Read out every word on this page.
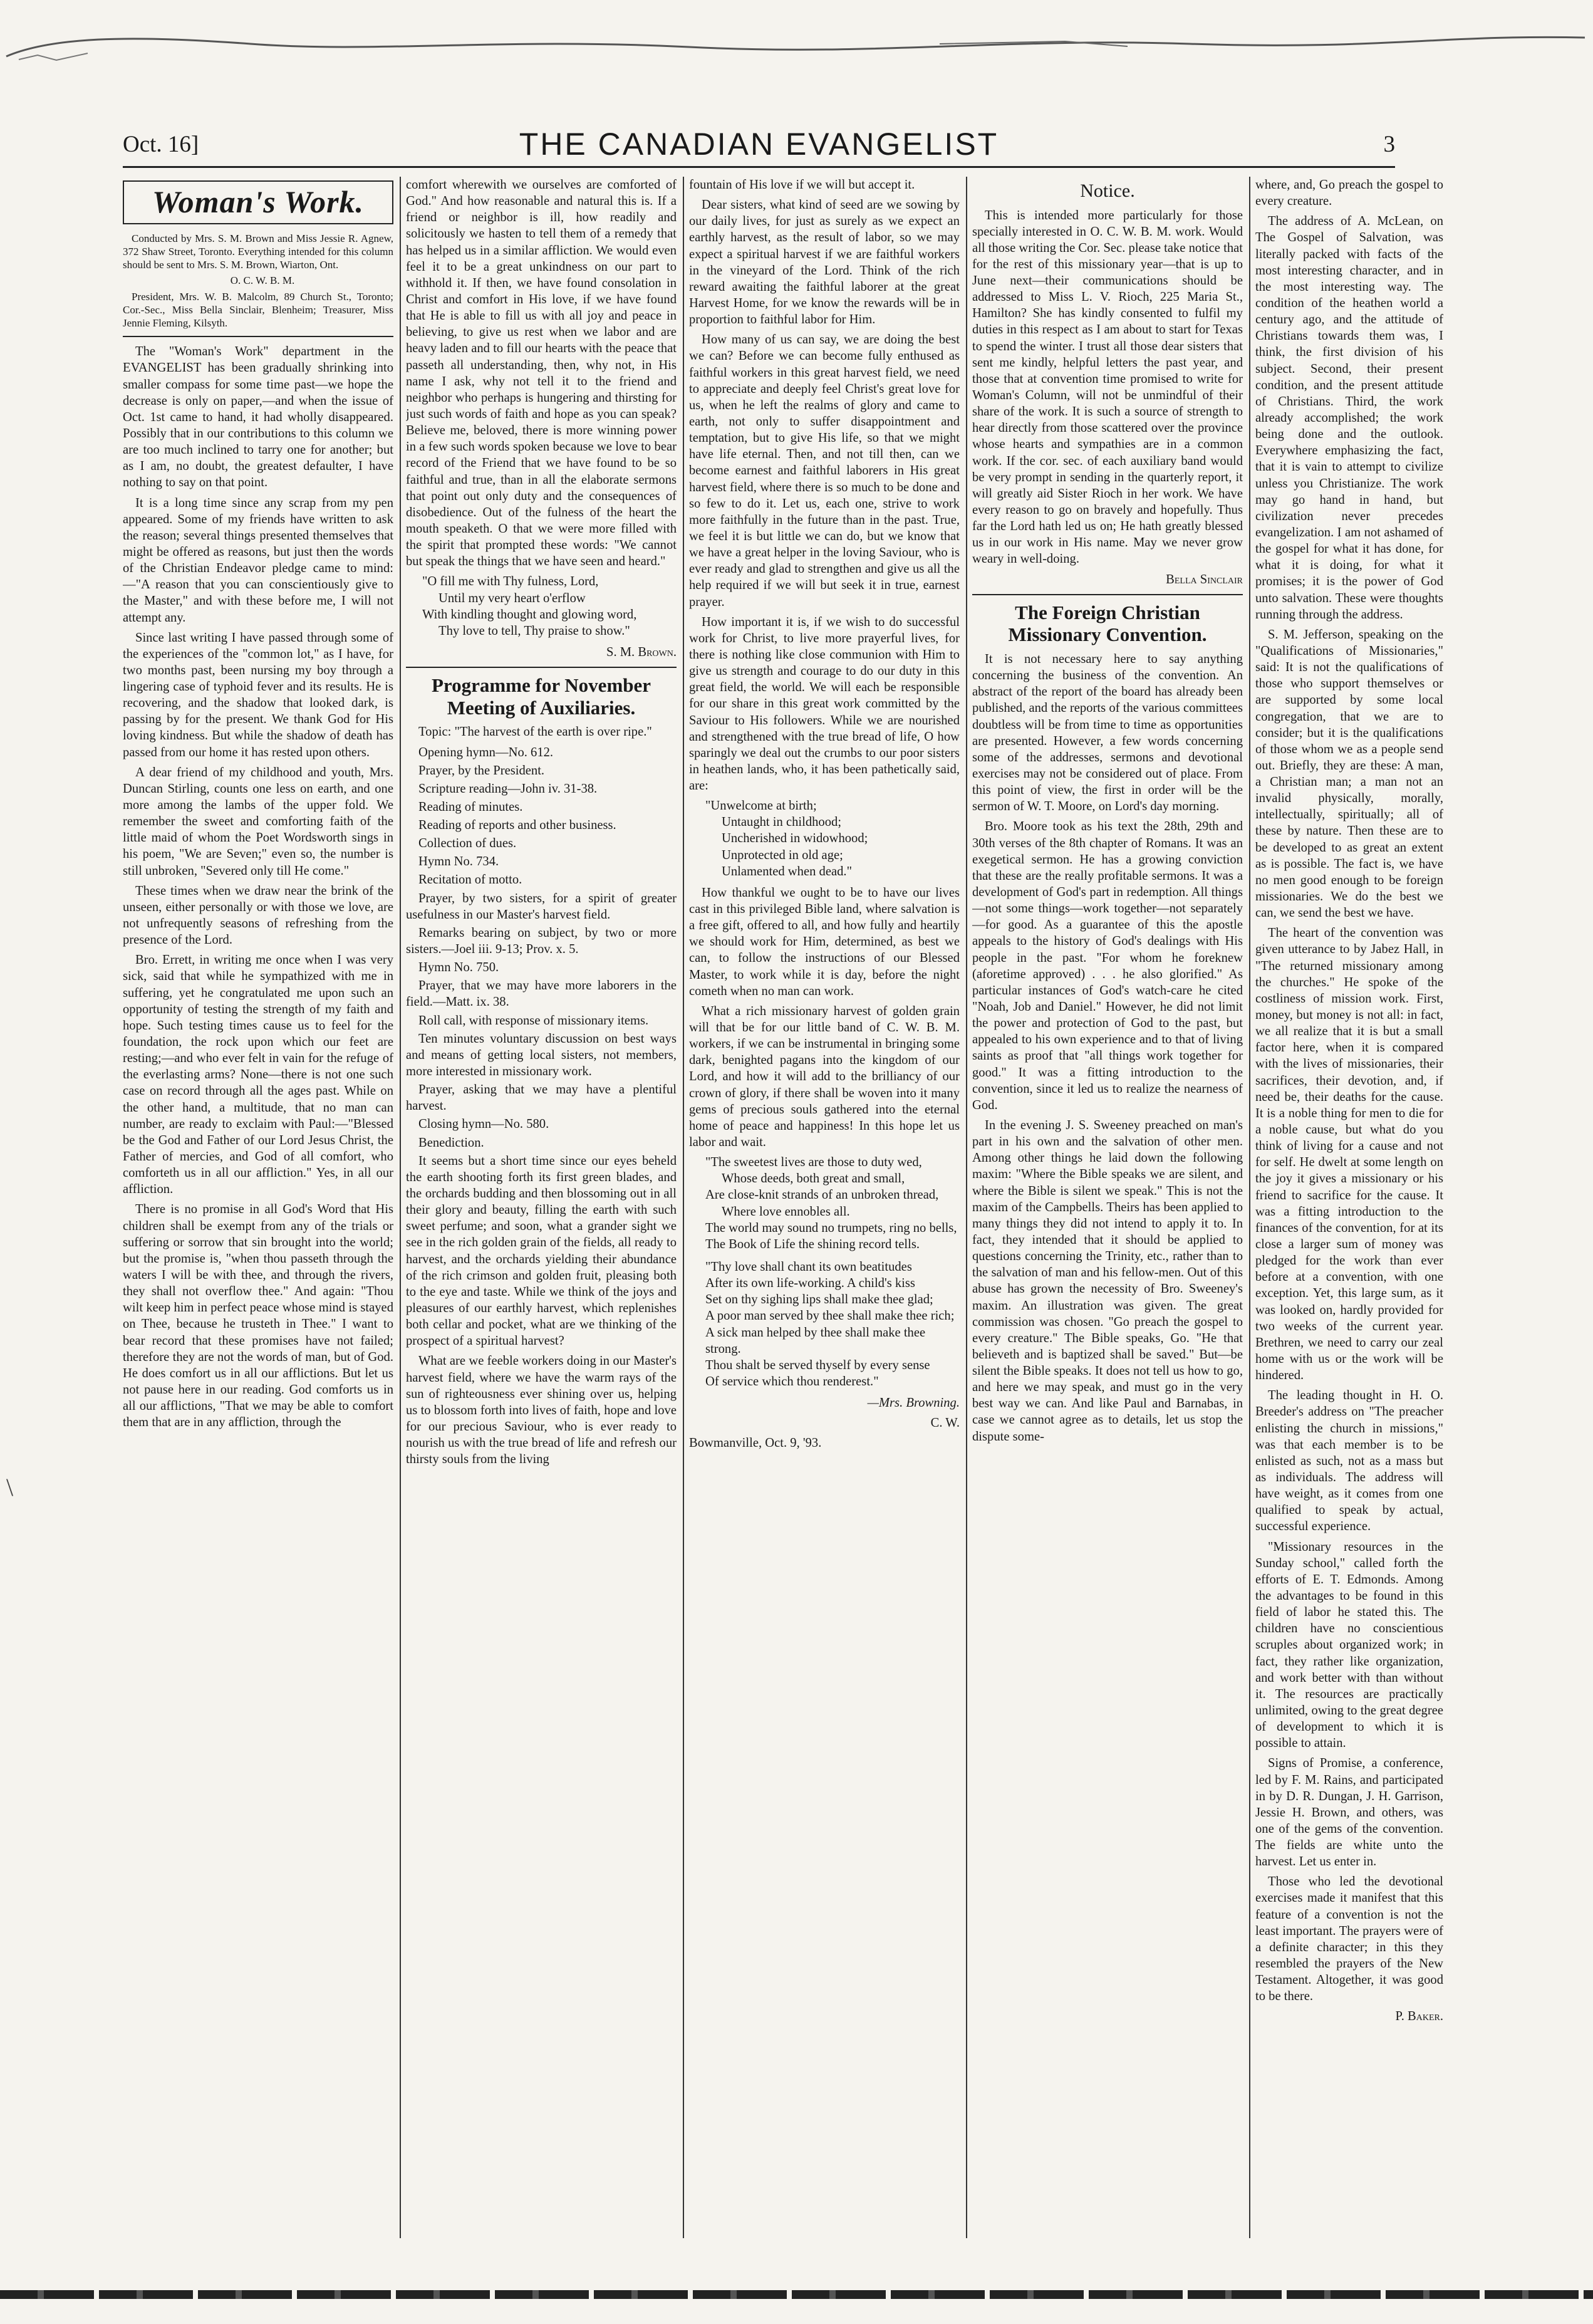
Oct. 16]	THE CANADIAN EVANGELIST	3
Woman's Work.

Conducted by Mrs. S. M. Brown and Miss Jessie R. Agnew, 372 Shaw Street, Toronto. Everything intended for this column should be sent to Mrs. S. M. Brown, Wiarton, Ont.

O. C. W. B. M.

President, Mrs. W. B. Malcolm, 89 Church St., Toronto; Cor.-Sec., Miss Bella Sinclair, Blenheim; Treasurer, Miss Jennie Fleming, Kilsyth.

The "Woman's Work" department in the EVANGELIST has been gradually shrinking into smaller compass for some time past—we hope the decrease is only on paper,—and when the issue of Oct. 1st came to hand, it had wholly disappeared. Possibly that in our contributions to this column we are too much inclined to tarry one for another; but as I am, no doubt, the greatest defaulter, I have nothing to say on that point.

It is a long time since any scrap from my pen appeared. Some of my friends have written to ask the reason; several things presented themselves that might be offered as reasons, but just then the words of the Christian Endeavor pledge came to mind:—"A reason that you can conscientiously give to the Master," and with these before me, I will not attempt any.

Since last writing I have passed through some of the experiences of the "common lot," as I have, for two months past, been nursing my boy through a lingering case of typhoid fever and its results. He is recovering, and the shadow that looked dark, is passing by for the present. We thank God for His loving kindness. But while the shadow of death has passed from our home it has rested upon others.

A dear friend of my childhood and youth, Mrs. Duncan Stirling, counts one less on earth, and one more among the lambs of the upper fold. We remember the sweet and comforting faith of the little maid of whom the Poet Wordsworth sings in his poem, "We are Seven;" even so, the number is still unbroken, "Severed only till He come."

These times when we draw near the brink of the unseen, either personally or with those we love, are not unfrequently seasons of refreshing from the presence of the Lord.

Bro. Errett, in writing me once when I was very sick, said that while he sympathized with me in suffering, yet he congratulated me upon such an opportunity of testing the strength of my faith and hope. Such testing times cause us to feel for the foundation, the rock upon which our feet are resting;—and who ever felt in vain for the refuge of the everlasting arms? None—there is not one such case on record through all the ages past. While on the other hand, a multitude, that no man can number, are ready to exclaim with Paul:—"Blessed be the God and Father of our Lord Jesus Christ, the Father of mercies, and God of all comfort, who comforteth us in all our affliction." Yes, in all our affliction.

There is no promise in all God's Word that His children shall be exempt from any of the trials or suffering or sorrow that sin brought into the world; but the promise is, "when thou passeth through the waters I will be with thee, and through the rivers, they shall not overflow thee." And again: "Thou wilt keep him in perfect peace whose mind is stayed on Thee, because he trusteth in Thee." I want to bear record that these promises have not failed; therefore they are not the words of man, but of God. He does comfort us in all our afflictions. But let us not pause here in our reading. God comforts us in all our afflictions, "That we may be able to comfort them that are in any affliction, through the

comfort wherewith we ourselves are comforted of God." And how reasonable and natural this is. If a friend or neighbor is ill, how readily and solicitously we hasten to tell them of a remedy that has helped us in a similar affliction. We would even feel it to be a great unkindness on our part to withhold it. If then, we have found consolation in Christ and comfort in His love, if we have found that He is able to fill us with all joy and peace in believing, to give us rest when we labor and are heavy laden and to fill our hearts with the peace that passeth all understanding, then, why not, in His name I ask, why not tell it to the friend and neighbor who perhaps is hungering and thirsting for just such words of faith and hope as you can speak? Believe me, beloved, there is more winning power in a few such words spoken because we love to bear record of the Friend that we have found to be so faithful and true, than in all the elaborate sermons that point out only duty and the consequences of disobedience. Out of the fulness of the heart the mouth speaketh. O that we were more filled with the spirit that prompted these words: "We cannot but speak the things that we have seen and heard."

"O fill me with Thy fulness, Lord,
Until my very heart o'erflow
With kindling thought and glowing word,
Thy love to tell, Thy praise to show."

S. M. Brown.

Programme for November Meeting of Auxiliaries.

Topic: "The harvest of the earth is over ripe."

Opening hymn—No. 612.

Prayer, by the President.

Scripture reading—John iv. 31-38.

Reading of minutes.

Reading of reports and other business.

Collection of dues.

Hymn No. 734.

Recitation of motto.

Prayer, by two sisters, for a spirit of greater usefulness in our Master's harvest field.

Remarks bearing on subject, by two or more sisters.—Joel iii. 9-13; Prov. x. 5.

Hymn No. 750.

Prayer, that we may have more laborers in the field.—Matt. ix. 38.

Roll call, with response of missionary items.

Ten minutes voluntary discussion on best ways and means of getting local sisters, not members, more interested in missionary work.

Prayer, asking that we may have a plentiful harvest.

Closing hymn—No. 580.

Benediction.

It seems but a short time since our eyes beheld the earth shooting forth its first green blades, and the orchards budding and then blossoming out in all their glory and beauty, filling the earth with such sweet perfume; and soon, what a grander sight we see in the rich golden grain of the fields, all ready to harvest, and the orchards yielding their abundance of the rich crimson and golden fruit, pleasing both to the eye and taste. While we think of the joys and pleasures of our earthly harvest, which replenishes both cellar and pocket, what are we thinking of the prospect of a spiritual harvest?

What are we feeble workers doing in our Master's harvest field, where we have the warm rays of the sun of righteousness ever shining over us, helping us to blossom forth into lives of faith, hope and love for our precious Saviour, who is ever ready to nourish us with the true bread of life and refresh our thirsty souls from the living

fountain of His love if we will but accept it.

Dear sisters, what kind of seed are we sowing by our daily lives, for just as surely as we expect an earthly harvest, as the result of labor, so we may expect a spiritual harvest if we are faithful workers in the vineyard of the Lord. Think of the rich reward awaiting the faithful laborer at the great Harvest Home, for we know the rewards will be in proportion to faithful labor for Him.

How many of us can say, we are doing the best we can? Before we can become fully enthused as faithful workers in this great harvest field, we need to appreciate and deeply feel Christ's great love for us, when he left the realms of glory and came to earth, not only to suffer disappointment and temptation, but to give His life, so that we might have life eternal. Then, and not till then, can we become earnest and faithful laborers in His great harvest field, where there is so much to be done and so few to do it. Let us, each one, strive to work more faithfully in the future than in the past. True, we feel it is but little we can do, but we know that we have a great helper in the loving Saviour, who is ever ready and glad to strengthen and give us all the help required if we will but seek it in true, earnest prayer.

How important it is, if we wish to do successful work for Christ, to live more prayerful lives, for there is nothing like close communion with Him to give us strength and courage to do our duty in this great field, the world. We will each be responsible for our share in this great work committed by the Saviour to His followers. While we are nourished and strengthened with the true bread of life, O how sparingly we deal out the crumbs to our poor sisters in heathen lands, who, it has been pathetically said, are:

"Unwelcome at birth;
Untaught in childhood;
Uncherished in widowhood;
Unprotected in old age;
Unlamented when dead."

How thankful we ought to be to have our lives cast in this privileged Bible land, where salvation is a free gift, offered to all, and how fully and heartily we should work for Him, determined, as best we can, to follow the instructions of our Blessed Master, to work while it is day, before the night cometh when no man can work.

What a rich missionary harvest of golden grain will that be for our little band of C. W. B. M. workers, if we can be instrumental in bringing some dark, benighted pagans into the kingdom of our Lord, and how it will add to the brilliancy of our crown of glory, if there shall be woven into it many gems of precious souls gathered into the eternal home of peace and happiness! In this hope let us labor and wait.

"The sweetest lives are those to duty wed,
Whose deeds, both great and small,
Are close-knit strands of an unbroken thread,
Where love ennobles all.
The world may sound no trumpets, ring no bells,
The Book of Life the shining record tells.
"Thy love shall chant its own beatitudes
After its own life-working. A child's kiss
Set on thy sighing lips shall make thee glad;
A poor man served by thee shall make thee rich;
A sick man helped by thee shall make thee strong.
Thou shalt be served thyself by every sense
Of service which thou renderest."

—Mrs. Browning.

C. W.

Bowmanville, Oct. 9, '93.

Notice.

This is intended more particularly for those specially interested in O. C. W. B. M. work. Would all those writing the Cor. Sec. please take notice that for the rest of this missionary year—that is up to June next—their communications should be addressed to Miss L. V. Rioch, 225 Maria St., Hamilton? She has kindly consented to fulfil my duties in this respect as I am about to start for Texas to spend the winter. I trust all those dear sisters that sent me kindly, helpful letters the past year, and those that at convention time promised to write for Woman's Column, will not be unmindful of their share of the work. It is such a source of strength to hear directly from those scattered over the province whose hearts and sympathies are in a common work. If the cor. sec. of each auxiliary band would be very prompt in sending in the quarterly report, it will greatly aid Sister Rioch in her work. We have every reason to go on bravely and hopefully. Thus far the Lord hath led us on; He hath greatly blessed us in our work in His name. May we never grow weary in well-doing.

Bella Sinclair

The Foreign Christian Missionary Convention.

It is not necessary here to say anything concerning the business of the convention. An abstract of the report of the board has already been published, and the reports of the various committees doubtless will be from time to time as opportunities are presented. However, a few words concerning some of the addresses, sermons and devotional exercises may not be considered out of place. From this point of view, the first in order will be the sermon of W. T. Moore, on Lord's day morning.

Bro. Moore took as his text the 28th, 29th and 30th verses of the 8th chapter of Romans. It was an exegetical sermon. He has a growing conviction that these are the really profitable sermons. It was a development of God's part in redemption. All things—not some things—work together—not separately—for good. As a guarantee of this the apostle appeals to the history of God's dealings with His people in the past. "For whom he foreknew (aforetime approved) . . . he also glorified." As particular instances of God's watch-care he cited "Noah, Job and Daniel." However, he did not limit the power and protection of God to the past, but appealed to his own experience and to that of living saints as proof that "all things work together for good." It was a fitting introduction to the convention, since it led us to realize the nearness of God.

In the evening J. S. Sweeney preached on man's part in his own and the salvation of other men. Among other things he laid down the following maxim: "Where the Bible speaks we are silent, and where the Bible is silent we speak." This is not the maxim of the Campbells. Theirs has been applied to many things they did not intend to apply it to. In fact, they intended that it should be applied to questions concerning the Trinity, etc., rather than to the salvation of man and his fellow-men. Out of this abuse has grown the necessity of Bro. Sweeney's maxim. An illustration was given. The great commission was chosen. "Go preach the gospel to every creature." The Bible speaks, Go. "He that believeth and is baptized shall be saved." But—be silent the Bible speaks. It does not tell us how to go, and here we may speak, and must go in the very best way we can. And like Paul and Barnabas, in case we cannot agree as to details, let us stop the dispute some-

where, and, Go preach the gospel to every creature.

The address of A. McLean, on The Gospel of Salvation, was literally packed with facts of the most interesting character, and in the most interesting way. The condition of the heathen world a century ago, and the attitude of Christians towards them was, I think, the first division of his subject. Second, their present condition, and the present attitude of Christians. Third, the work already accomplished; the work being done and the outlook. Everywhere emphasizing the fact, that it is vain to attempt to civilize unless you Christianize. The work may go hand in hand, but civilization never precedes evangelization. I am not ashamed of the gospel for what it has done, for what it is doing, for what it promises; it is the power of God unto salvation. These were thoughts running through the address.

S. M. Jefferson, speaking on the "Qualifications of Missionaries," said: It is not the qualifications of those who support themselves or are supported by some local congregation, that we are to consider; but it is the qualifications of those whom we as a people send out. Briefly, they are these: A man, a Christian man; a man not an invalid physically, morally, intellectually, spiritually; all of these by nature. Then these are to be developed to as great an extent as is possible. The fact is, we have no men good enough to be foreign missionaries. We do the best we can, we send the best we have.

The heart of the convention was given utterance to by Jabez Hall, in "The returned missionary among the churches." He spoke of the costliness of mission work. First, money, but money is not all: in fact, we all realize that it is but a small factor here, when it is compared with the lives of missionaries, their sacrifices, their devotion, and, if need be, their deaths for the cause. It is a noble thing for men to die for a noble cause, but what do you think of living for a cause and not for self. He dwelt at some length on the joy it gives a missionary or his friend to sacrifice for the cause. It was a fitting introduction to the finances of the convention, for at its close a larger sum of money was pledged for the work than ever before at a convention, with one exception. Yet, this large sum, as it was looked on, hardly provided for two weeks of the current year. Brethren, we need to carry our zeal home with us or the work will be hindered.

The leading thought in H. O. Breeder's address on "The preacher enlisting the church in missions," was that each member is to be enlisted as such, not as a mass but as individuals. The address will have weight, as it comes from one qualified to speak by actual, successful experience.

"Missionary resources in the Sunday school," called forth the efforts of E. T. Edmonds. Among the advantages to be found in this field of labor he stated this. The children have no conscientious scruples about organized work; in fact, they rather like organization, and work better with than without it. The resources are practically unlimited, owing to the great degree of development to which it is possible to attain.

Signs of Promise, a conference, led by F. M. Rains, and participated in by D. R. Dungan, J. H. Garrison, Jessie H. Brown, and others, was one of the gems of the convention. The fields are white unto the harvest. Let us enter in.

Those who led the devotional exercises made it manifest that this feature of a convention is not the least important. The prayers were of a definite character; in this they resembled the prayers of the New Testament. Altogether, it was good to be there.

P. Baker.

\
